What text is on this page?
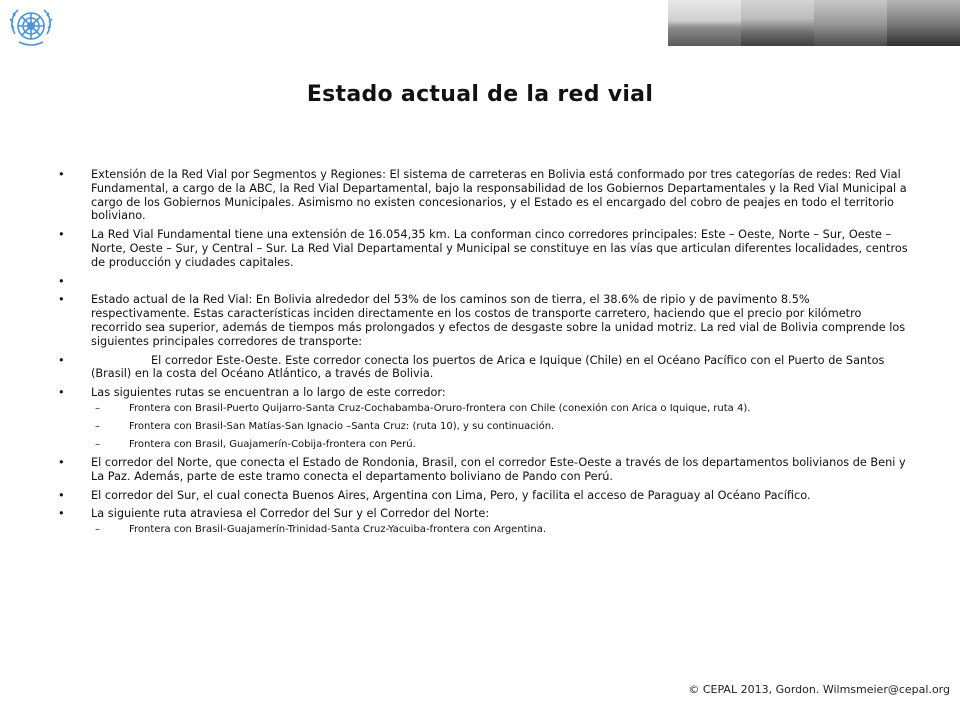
Estado actual de la red vial
• Extensión de la Red Vial por Segmentos y Regiones: El sistema de carreteras en Bolivia está conformado por tres categorías de redes: Red Vial Fundamental, a cargo de la ABC, la Red Vial Departamental, bajo la responsabilidad de los Gobiernos Departamentales y la Red Vial Municipal a cargo de los Gobiernos Municipales. Asimismo no existen concesionarios, y el Estado es el encargado del cobro de peajes en todo el territorio boliviano.
• La Red Vial Fundamental tiene una extensión de 16.054,35 km. La conforman cinco corredores principales: Este – Oeste, Norte – Sur, Oeste – Norte, Oeste – Sur, y Central – Sur. La Red Vial Departamental y Municipal se constituye en las vías que articulan diferentes localidades, centros de producción y ciudades capitales.
•

• Estado actual de la Red Vial: En Bolivia alrededor del 53% de los caminos son de tierra, el 38.6% de ripio y de pavimento 8.5% respectivamente. Estas características inciden directamente en los costos de transporte carretero, haciendo que el precio por kilómetro recorrido sea superior, además de tiempos más prolongados y efectos de desgaste sobre la unidad motriz. La red vial de Bolivia comprende los siguientes principales corredores de transporte:
•	El corredor Este-Oeste. Este corredor conecta los puertos de Arica e Iquique (Chile) en el Océano Pacífico con el Puerto de Santos (Brasil) en la costa del Océano Atlántico, a través de Bolivia.
• Las siguientes rutas se encuentran a lo largo de este corredor:
–	Frontera con Brasil-Puerto Quijarro-Santa Cruz-Cochabamba-Oruro-frontera con Chile (conexión con Arica o Iquique, ruta 4).
–	Frontera con Brasil-San Matías-San Ignacio –Santa Cruz: (ruta 10), y su continuación.
–	Frontera con Brasil, Guajamerín-Cobija-frontera con Perú.
• El corredor del Norte, que conecta el Estado de Rondonia, Brasil, con el corredor Este-Oeste a través de los departamentos bolivianos de Beni y La Paz. Además, parte de este tramo conecta el departamento boliviano de Pando con Perú.
• El corredor del Sur, el cual conecta Buenos Aires, Argentina con Lima, Pero, y facilita el acceso de Paraguay al Océano Pacífico.
• La siguiente ruta atraviesa el Corredor del Sur y el Corredor del Norte:
–	Frontera con Brasil-Guajamerín-Trinidad-Santa Cruz-Yacuiba-frontera con Argentina.
© CEPAL 2013, Gordon. Wilmsmeier@cepal.org
